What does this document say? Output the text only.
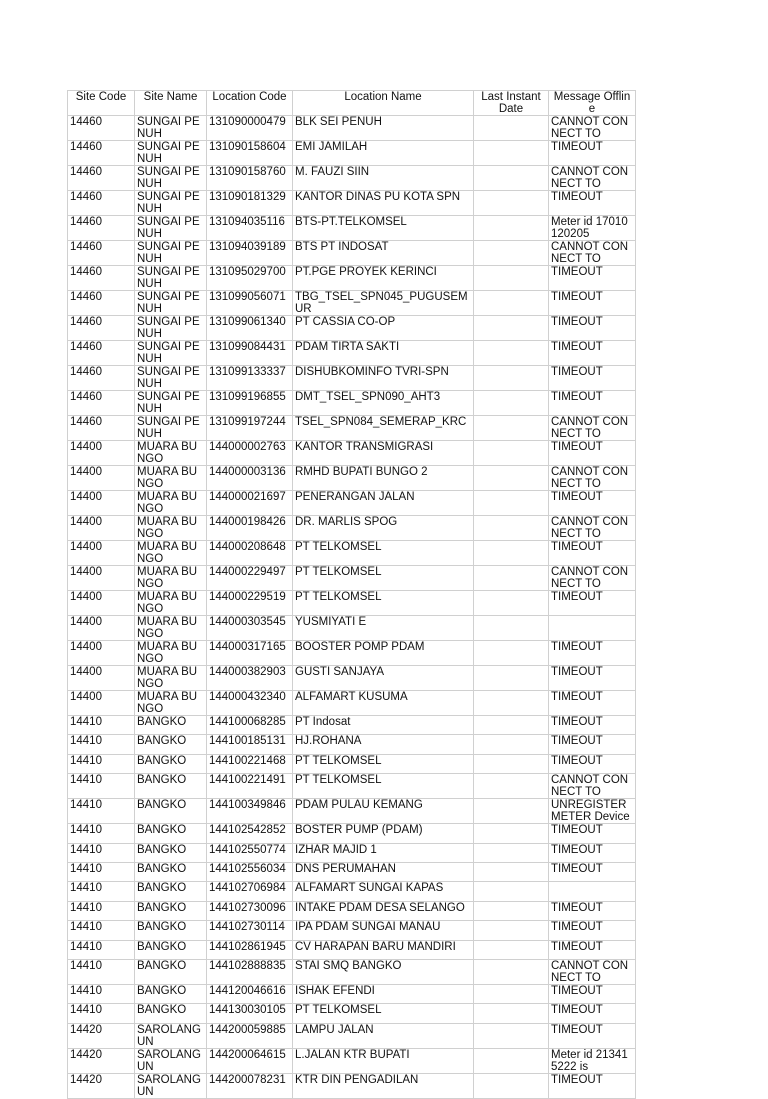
Site Code	Site Name	Location Code	Location Name	Last Instant Date	Message Offline
14460	SUNGAI PENUH	131090000479	BLK SEI PENUH		CANNOT CONNECT TO
14460	SUNGAI PENUH	131090158604	EMI JAMILAH		TIMEOUT
14460	SUNGAI PENUH	131090158760	M. FAUZI SIIN		CANNOT CONNECT TO
14460	SUNGAI PENUH	131090181329	KANTOR DINAS PU KOTA SPN		TIMEOUT
14460	SUNGAI PENUH	131094035116	BTS-PT.TELKOMSEL		Meter id 17010120205
14460	SUNGAI PENUH	131094039189	BTS PT INDOSAT		CANNOT CONNECT TO
14460	SUNGAI PENUH	131095029700	PT.PGE PROYEK KERINCI		TIMEOUT
14460	SUNGAI PENUH	131099056071	TBG_TSEL_SPN045_PUGUSEMUR		TIMEOUT
14460	SUNGAI PENUH	131099061340	PT CASSIA CO-OP		TIMEOUT
14460	SUNGAI PENUH	131099084431	PDAM TIRTA SAKTI		TIMEOUT
14460	SUNGAI PENUH	131099133337	DISHUBKOMINFO TVRI-SPN		TIMEOUT
14460	SUNGAI PENUH	131099196855	DMT_TSEL_SPN090_AHT3		TIMEOUT
14460	SUNGAI PENUH	131099197244	TSEL_SPN084_SEMERAP_KRC		CANNOT CONNECT TO
14400	MUARA BUNGO	144000002763	KANTOR TRANSMIGRASI		TIMEOUT
14400	MUARA BUNGO	144000003136	RMHD BUPATI BUNGO 2		CANNOT CONNECT TO
14400	MUARA BUNGO	144000021697	PENERANGAN JALAN		TIMEOUT
14400	MUARA BUNGO	144000198426	DR. MARLIS SPOG		CANNOT CONNECT TO
14400	MUARA BUNGO	144000208648	PT TELKOMSEL		TIMEOUT
14400	MUARA BUNGO	144000229497	PT TELKOMSEL		CANNOT CONNECT TO
14400	MUARA BUNGO	144000229519	PT TELKOMSEL		TIMEOUT
14400	MUARA BUNGO	144000303545	YUSMIYATI E		
14400	MUARA BUNGO	144000317165	BOOSTER POMP PDAM		TIMEOUT
14400	MUARA BUNGO	144000382903	GUSTI SANJAYA		TIMEOUT
14400	MUARA BUNGO	144000432340	ALFAMART KUSUMA		TIMEOUT
14410	BANGKO	144100068285	PT Indosat		TIMEOUT
14410	BANGKO	144100185131	HJ.ROHANA		TIMEOUT
14410	BANGKO	144100221468	PT TELKOMSEL		TIMEOUT
14410	BANGKO	144100221491	PT TELKOMSEL		CANNOT CONNECT TO
14410	BANGKO	144100349846	PDAM PULAU KEMANG		UNREGISTER METER Device
14410	BANGKO	144102542852	BOSTER PUMP (PDAM)		TIMEOUT
14410	BANGKO	144102550774	IZHAR MAJID 1		TIMEOUT
14410	BANGKO	144102556034	DNS PERUMAHAN		TIMEOUT
14410	BANGKO	144102706984	ALFAMART SUNGAI KAPAS		
14410	BANGKO	144102730096	INTAKE PDAM DESA SELANGO		TIMEOUT
14410	BANGKO	144102730114	IPA PDAM SUNGAI MANAU		TIMEOUT
14410	BANGKO	144102861945	CV HARAPAN BARU MANDIRI		TIMEOUT
14410	BANGKO	144102888835	STAI SMQ BANGKO		CANNOT CONNECT TO
14410	BANGKO	144120046616	ISHAK EFENDI		TIMEOUT
14410	BANGKO	144130030105	PT TELKOMSEL		TIMEOUT
14420	SAROLANG UN	144200059885	LAMPU JALAN		TIMEOUT
14420	SAROLANG UN	144200064615	L.JALAN KTR BUPATI		Meter id 213415222 is
14420	SAROLANG UN	144200078231	KTR DIN PENGADILAN		TIMEOUT
